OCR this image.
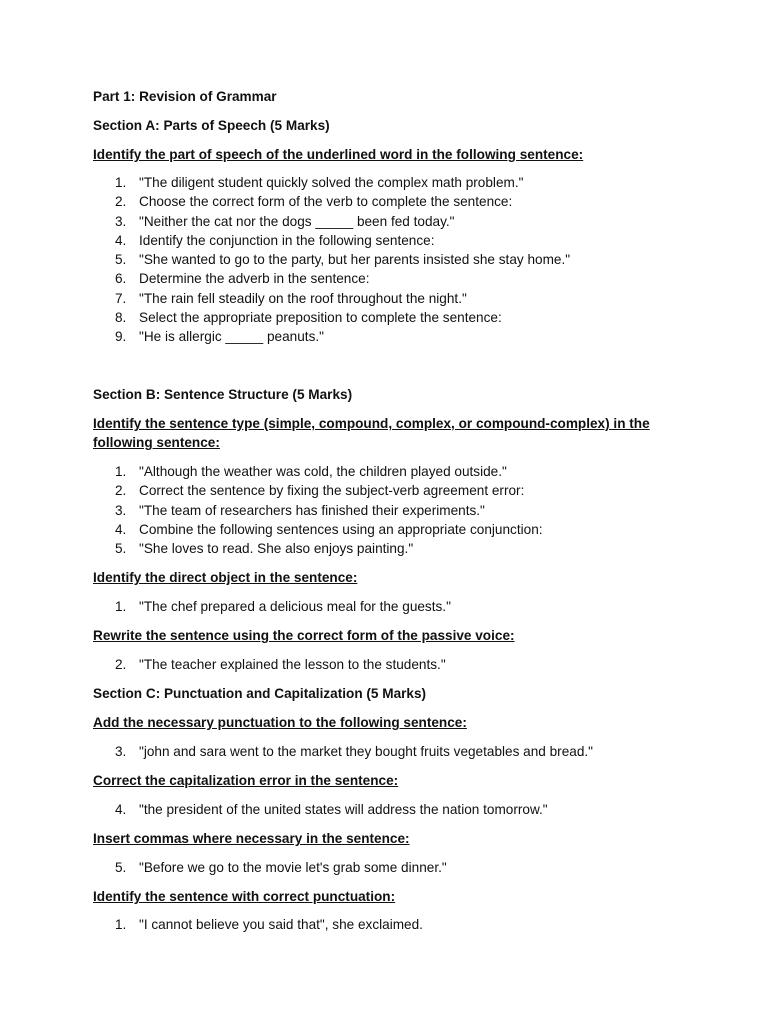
Part 1: Revision of Grammar

Section A: Parts of Speech (5 Marks)

Identify the part of speech of the underlined word in the following sentence:

1. "The diligent student quickly solved the complex math problem."
2. Choose the correct form of the verb to complete the sentence:
3. "Neither the cat nor the dogs _____ been fed today."
4. Identify the conjunction in the following sentence:
5. "She wanted to go to the party, but her parents insisted she stay home."
6. Determine the adverb in the sentence:
7. "The rain fell steadily on the roof throughout the night."
8. Select the appropriate preposition to complete the sentence:
9. "He is allergic _____ peanuts."

Section B: Sentence Structure (5 Marks)

Identify the sentence type (simple, compound, complex, or compound-complex) in the following sentence:

1. "Although the weather was cold, the children played outside."
2. Correct the sentence by fixing the subject-verb agreement error:
3. "The team of researchers has finished their experiments."
4. Combine the following sentences using an appropriate conjunction:
5. "She loves to read. She also enjoys painting."

Identify the direct object in the sentence:

1. "The chef prepared a delicious meal for the guests."

Rewrite the sentence using the correct form of the passive voice:

2. "The teacher explained the lesson to the students."

Section C: Punctuation and Capitalization (5 Marks)

Add the necessary punctuation to the following sentence:

3. "john and sara went to the market they bought fruits vegetables and bread."

Correct the capitalization error in the sentence:

4. "the president of the united states will address the nation tomorrow."

Insert commas where necessary in the sentence:

5. "Before we go to the movie let's grab some dinner."

Identify the sentence with correct punctuation:

1. "I cannot believe you said that", she exclaimed.
